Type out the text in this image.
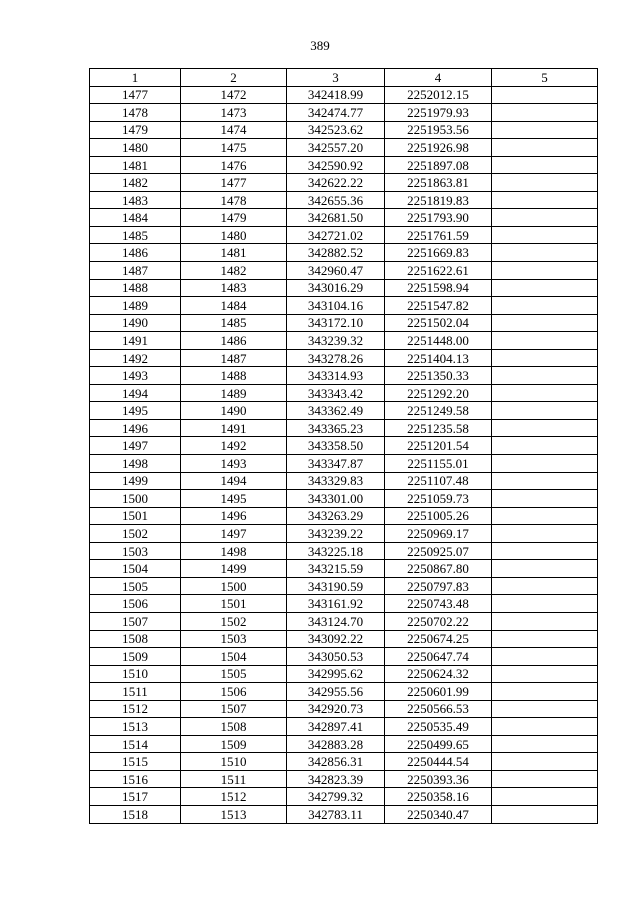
389
1	2	3	4	5
1477	1472	342418.99	2252012.15	
1478	1473	342474.77	2251979.93	
1479	1474	342523.62	2251953.56	
1480	1475	342557.20	2251926.98	
1481	1476	342590.92	2251897.08	
1482	1477	342622.22	2251863.81	
1483	1478	342655.36	2251819.83	
1484	1479	342681.50	2251793.90	
1485	1480	342721.02	2251761.59	
1486	1481	342882.52	2251669.83	
1487	1482	342960.47	2251622.61	
1488	1483	343016.29	2251598.94	
1489	1484	343104.16	2251547.82	
1490	1485	343172.10	2251502.04	
1491	1486	343239.32	2251448.00	
1492	1487	343278.26	2251404.13	
1493	1488	343314.93	2251350.33	
1494	1489	343343.42	2251292.20	
1495	1490	343362.49	2251249.58	
1496	1491	343365.23	2251235.58	
1497	1492	343358.50	2251201.54	
1498	1493	343347.87	2251155.01	
1499	1494	343329.83	2251107.48	
1500	1495	343301.00	2251059.73	
1501	1496	343263.29	2251005.26	
1502	1497	343239.22	2250969.17	
1503	1498	343225.18	2250925.07	
1504	1499	343215.59	2250867.80	
1505	1500	343190.59	2250797.83	
1506	1501	343161.92	2250743.48	
1507	1502	343124.70	2250702.22	
1508	1503	343092.22	2250674.25	
1509	1504	343050.53	2250647.74	
1510	1505	342995.62	2250624.32	
1511	1506	342955.56	2250601.99	
1512	1507	342920.73	2250566.53	
1513	1508	342897.41	2250535.49	
1514	1509	342883.28	2250499.65	
1515	1510	342856.31	2250444.54	
1516	1511	342823.39	2250393.36	
1517	1512	342799.32	2250358.16	
1518	1513	342783.11	2250340.47	
